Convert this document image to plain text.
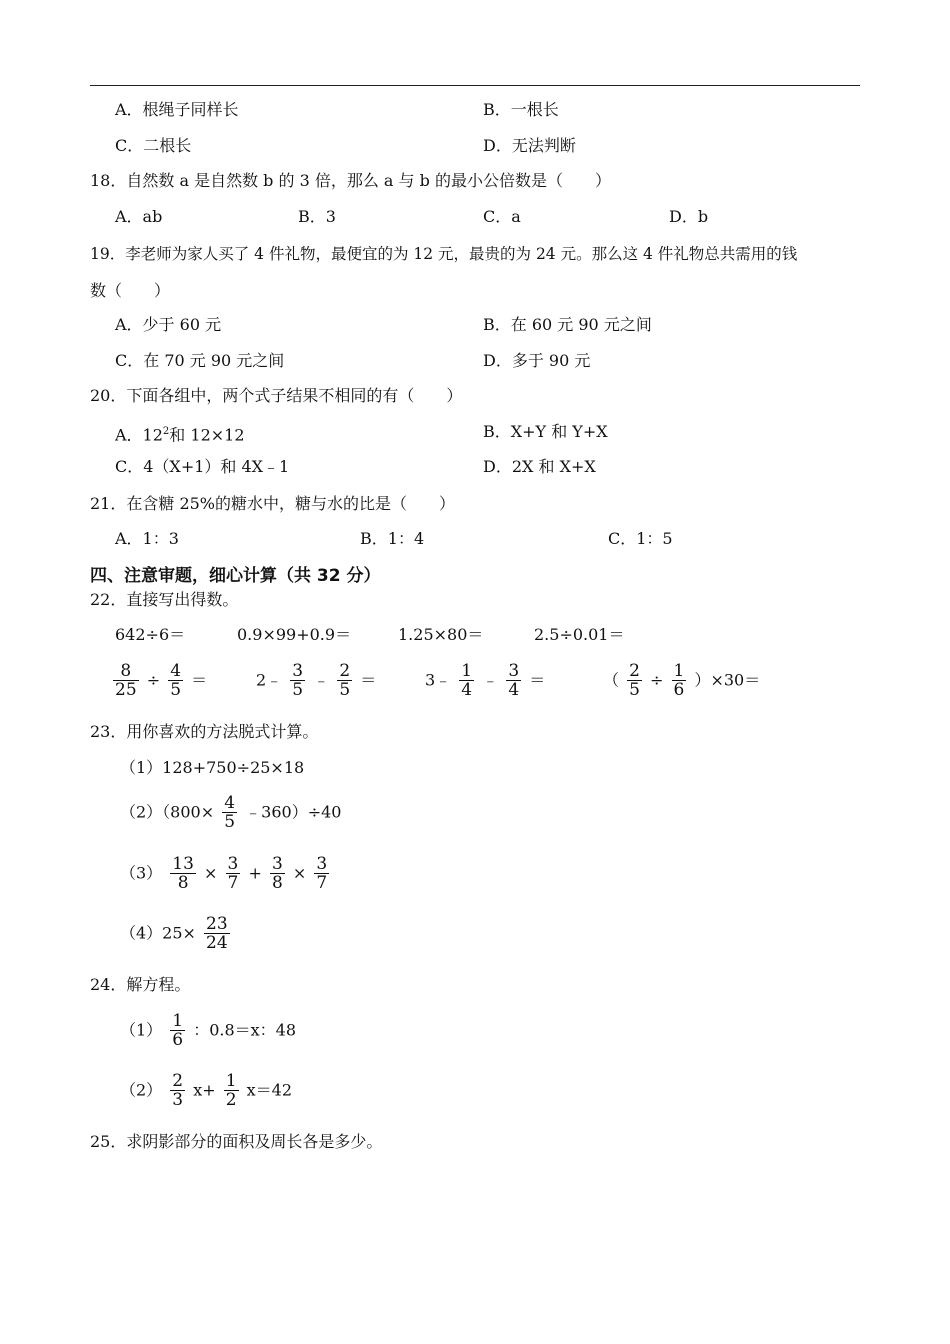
A．根绳子同样长	B．一根长
C．二根长	D．无法判断
18．自然数 a 是自然数 b 的 3 倍，那么 a 与 b 的最小公倍数是（　　）
A．ab	B．3	C．a	D．b
19．李老师为家人买了 4 件礼物，最便宜的为 12 元，最贵的为 24 元。那么这 4 件礼物总共需用的钱
数（　　）
A．少于 60 元	B．在 60 元 90 元之间
C．在 70 元 90 元之间	D．多于 90 元
20．下面各组中，两个式子结果不相同的有（　　）
A．$12^2$和 12×12	B．X+Y 和 Y+X
C．4（X+1）和 4X﹣1	D．2X 和 X+X
21．在含糖 25%的糖水中，糖与水的比是（　　）
A．1：3	B．1：4	C．1：5
四、注意审题，细心计算（共 32 分）
22．直接写出得数。
642÷6＝	0.9×99+0.9＝	1.25×80＝	2.5÷0.01＝
$\frac{8}{25} \div \frac{4}{5}$ ＝	2﹣ $\frac{3}{5}$ ﹣ $\frac{2}{5}$ ＝	3﹣ $\frac{1}{4}$ ﹣ $\frac{3}{4}$ ＝	（ $\frac{2}{5} \div \frac{1}{6} )\times 30=$
23．用你喜欢的方法脱式计算。
（1）128+750÷25×18
$(2)(800\times \frac{4}{5}$ ﹣360）÷40
$(3) \frac{13}{8} \times \frac{3}{7} + \frac{3}{8} \times \frac{3}{7}$
$(4)25\times \frac{23}{24}$
24．解方程。
$(1) \frac{1}{6}$ ：0.8＝x：48
$(2) \frac{2}{3} x+ \frac{1}{2} x=42$
25．求阴影部分的面积及周长各是多少。
